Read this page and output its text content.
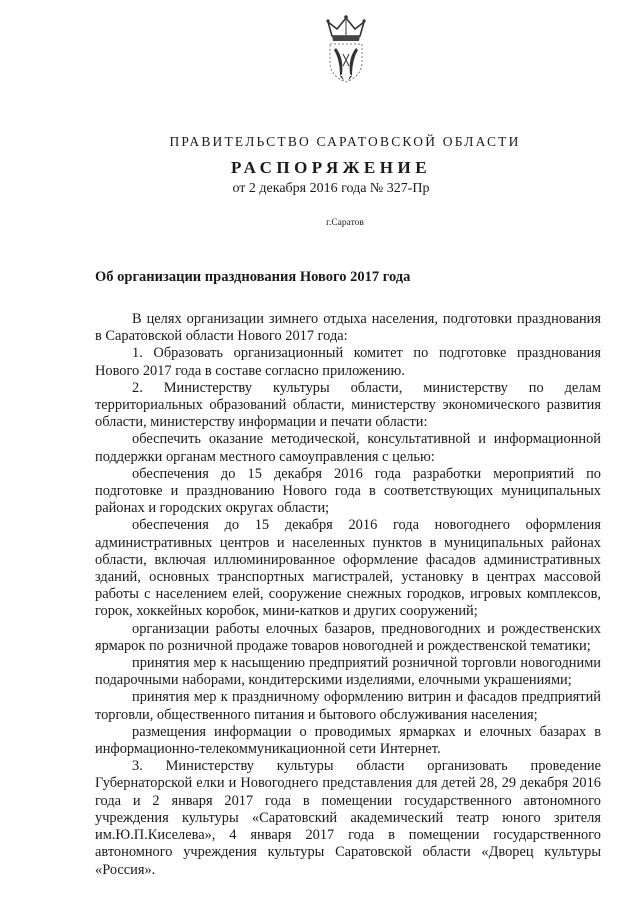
ПРАВИТЕЛЬСТВО САРАТОВСКОЙ ОБЛАСТИ
РАСПОРЯЖЕНИЕ
от 2 декабря 2016 года № 327-Пр
г.Саратов
Об организации празднования Нового 2017 года

В целях организации зимнего отдыха населения, подготовки празднования в Саратовской области Нового 2017 года:

1. Образовать организационный комитет по подготовке празднования Нового 2017 года в составе согласно приложению.

2. Министерству культуры области, министерству по делам территориальных образований области, министерству экономического развития области, министерству информации и печати области:

обеспечить оказание методической, консультативной и информационной поддержки органам местного самоуправления с целью:

обеспечения до 15 декабря 2016 года разработки мероприятий по подготовке и празднованию Нового года в соответствующих муниципальных районах и городских округах области;

обеспечения до 15 декабря 2016 года новогоднего оформления административных центров и населенных пунктов в муниципальных районах области, включая иллюминированное оформление фасадов административных зданий, основных транспортных магистралей, установку в центрах массовой работы с населением елей, сооружение снежных городков, игровых комплексов, горок, хоккейных коробок, мини-катков и других сооружений;

организации работы елочных базаров, предновогодних и рождественских ярмарок по розничной продаже товаров новогодней и рождественской тематики;

принятия мер к насыщению предприятий розничной торговли новогодними подарочными наборами, кондитерскими изделиями, елочными украшениями;

принятия мер к праздничному оформлению витрин и фасадов предприятий торговли, общественного питания и бытового обслуживания населения;

размещения информации о проводимых ярмарках и елочных базарах в информационно-телекоммуникационной сети Интернет.

3. Министерству культуры области организовать проведение Губернаторской елки и Новогоднего представления для детей 28, 29 декабря 2016 года и 2 января 2017 года в помещении государственного автономного учреждения культуры «Саратовский академический театр юного зрителя им.Ю.П.Киселева», 4 января 2017 года в помещении государственного автономного учреждения культуры Саратовской области «Дворец культуры «Россия».
